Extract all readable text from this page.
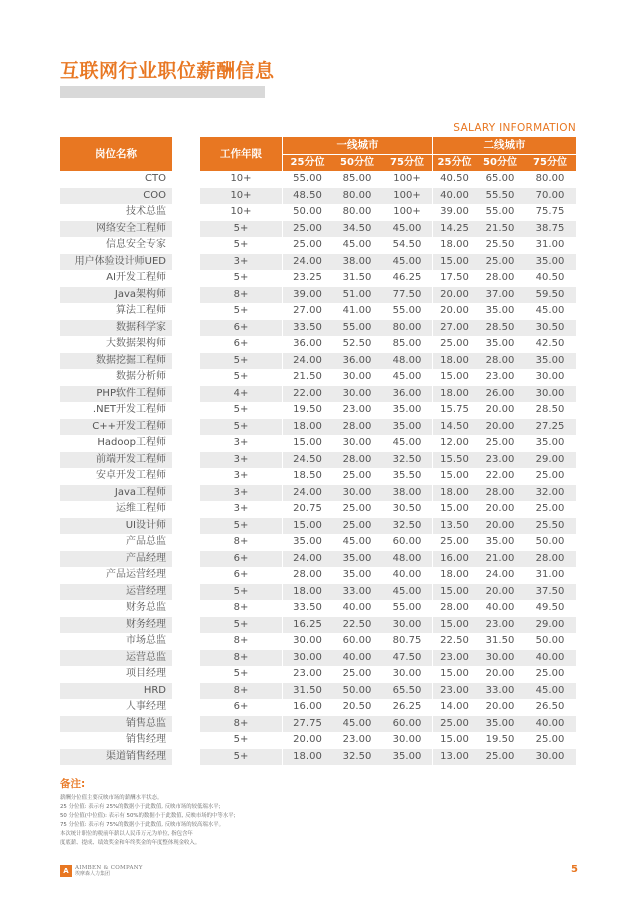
互联网行业职位薪酬信息
SALARY INFORMATION
岗位名称		工作年限	一线城市			二线城市		
			25分位	50分位	75分位	25分位	50分位	75分位
CTO		10+	55.00	85.00	100+	40.50	65.00	80.00
COO		10+	48.50	80.00	100+	40.00	55.50	70.00
技术总监		10+	50.00	80.00	100+	39.00	55.00	75.75
网络安全工程师		5+	25.00	34.50	45.00	14.25	21.50	38.75
信息安全专家		5+	25.00	45.00	54.50	18.00	25.50	31.00
用户体验设计师UED		3+	24.00	38.00	45.00	15.00	25.00	35.00
AI开发工程师		5+	23.25	31.50	46.25	17.50	28.00	40.50
Java架构师		8+	39.00	51.00	77.50	20.00	37.00	59.50
算法工程师		5+	27.00	41.00	55.00	20.00	35.00	45.00
数据科学家		6+	33.50	55.00	80.00	27.00	28.50	30.50
大数据架构师		6+	36.00	52.50	85.00	25.00	35.00	42.50
数据挖掘工程师		5+	24.00	36.00	48.00	18.00	28.00	35.00
数据分析师		5+	21.50	30.00	45.00	15.00	23.00	30.00
PHP软件工程师		4+	22.00	30.00	36.00	18.00	26.00	30.00
.NET开发工程师		5+	19.50	23.00	35.00	15.75	20.00	28.50
C++开发工程师		5+	18.00	28.00	35.00	14.50	20.00	27.25
Hadoop工程师		3+	15.00	30.00	45.00	12.00	25.00	35.00
前端开发工程师		3+	24.50	28.00	32.50	15.50	23.00	29.00
安卓开发工程师		3+	18.50	25.00	35.50	15.00	22.00	25.00
Java工程师		3+	24.00	30.00	38.00	18.00	28.00	32.00
运维工程师		3+	20.75	25.00	30.50	15.00	20.00	25.00
UI设计师		5+	15.00	25.00	32.50	13.50	20.00	25.50
产品总监		8+	35.00	45.00	60.00	25.00	35.00	50.00
产品经理		6+	24.00	35.00	48.00	16.00	21.00	28.00
产品运营经理		6+	28.00	35.00	40.00	18.00	24.00	31.00
运营经理		5+	18.00	33.00	45.00	15.00	20.00	37.50
财务总监		8+	33.50	40.00	55.00	28.00	40.00	49.50
财务经理		5+	16.25	22.50	30.00	15.00	23.00	29.00
市场总监		8+	30.00	60.00	80.75	22.50	31.50	50.00
运营总监		8+	30.00	40.00	47.50	23.00	30.00	40.00
项目经理		5+	23.00	25.00	30.00	15.00	20.00	25.00
HRD		8+	31.50	50.00	65.50	23.00	33.00	45.00
人事经理		6+	16.00	20.50	26.25	14.00	20.00	26.50
销售总监		8+	27.75	45.00	60.00	25.00	35.00	40.00
销售经理		5+	20.00	23.00	30.00	15.00	19.50	25.00
渠道销售经理		5+	18.00	32.50	35.00	13.00	25.00	30.00
备注:
薪酬分位值主要反映市场的薪酬水平状态。
25 分位值: 表示有 25%的数据小于此数值, 反映市场的较低端水平;
50 分位值(中位值): 表示有 50%的数据小于此数值, 反映市场的中等水平;
75 分位值: 表示有 75%的数据小于此数值, 反映市场的较高端水平。
本次统计职位的税前年薪以人民币万元为单位, 指包含年
度底薪、提成、绩效奖金和年终奖金的年度整体现金收入。
A	AIMBEN & COMPANY
埃摩森人力集团	5
